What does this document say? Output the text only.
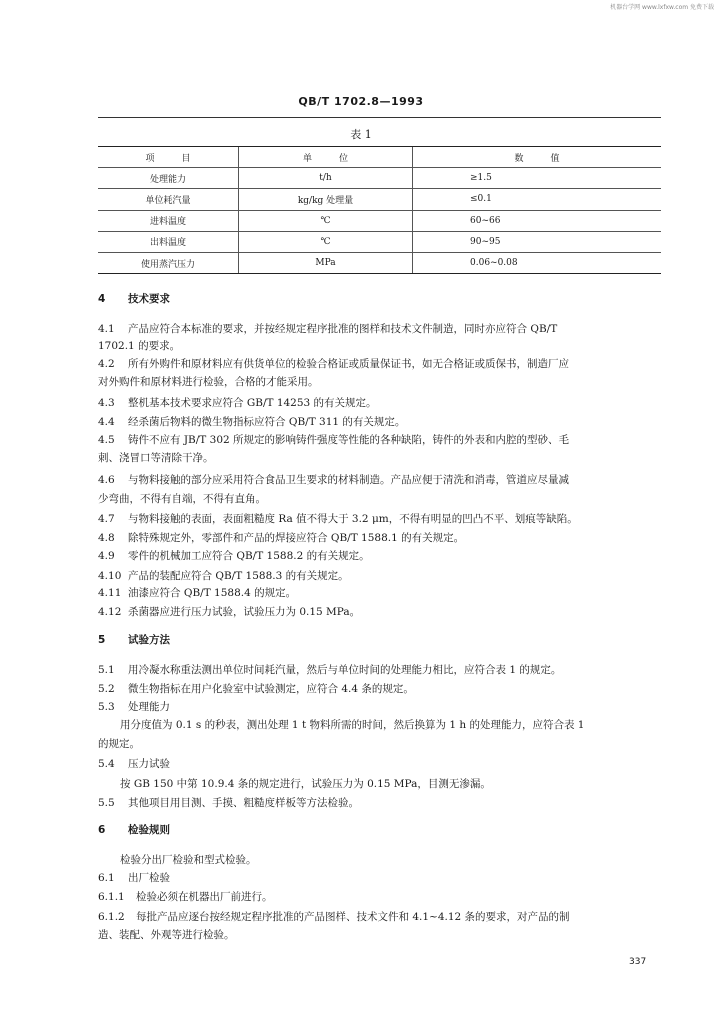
机器台学网 www.lxfxw.com 免费下载
QB/T 1702.8—1993
表 1
项　　　目	单　　　位	数　　　值
处理能力	t/h	≥1.5
单位耗汽量	kg/kg 处理量	≤0.1
进料温度	℃	60~66
出料温度	℃	90~95
使用蒸汽压力	MPa	0.06~0.08
4 技术要求
4.1 产品应符合本标准的要求，并按经规定程序批准的图样和技术文件制造，同时亦应符合 QB/T
1702.1 的要求。
4.2 所有外购件和原材料应有供货单位的检验合格证或质量保证书，如无合格证或质保书，制造厂应
对外购件和原材料进行检验，合格的才能采用。
4.3 整机基本技术要求应符合 GB/T 14253 的有关规定。
4.4 经杀菌后物料的微生物指标应符合 QB/T 311 的有关规定。
4.5 铸件不应有 JB/T 302 所规定的影响铸件强度等性能的各种缺陷，铸件的外表和内腔的型砂、毛
刺、浇冒口等清除干净。
4.6 与物料接触的部分应采用符合食品卫生要求的材料制造。产品应便于清洗和消毒，管道应尽量减
少弯曲，不得有自端，不得有直角。
4.7 与物料接触的表面，表面粗糙度 Ra 值不得大于 3.2 μm，不得有明显的凹凸不平、划痕等缺陷。
4.8 除特殊规定外，零部件和产品的焊接应符合 QB/T 1588.1 的有关规定。
4.9 零件的机械加工应符合 QB/T 1588.2 的有关规定。
4.10 产品的装配应符合 QB/T 1588.3 的有关规定。
4.11 油漆应符合 QB/T 1588.4 的规定。
4.12 杀菌器应进行压力试验，试验压力为 0.15 MPa。
5 试验方法
5.1 用冷凝水称重法测出单位时间耗汽量，然后与单位时间的处理能力相比，应符合表 1 的规定。
5.2 微生物指标在用户化验室中试验测定，应符合 4.4 条的规定。
5.3 处理能力
用分度值为 0.1 s 的秒表，测出处理 1 t 物料所需的时间，然后换算为 1 h 的处理能力，应符合表 1
的规定。
5.4 压力试验
按 GB 150 中第 10.9.4 条的规定进行，试验压力为 0.15 MPa，目测无渗漏。
5.5 其他项目用目测、手摸、粗糙度样板等方法检验。
6 检验规则
检验分出厂检验和型式检验。
6.1 出厂检验
6.1.1 检验必须在机器出厂前进行。
6.1.2 每批产品应逐台按经规定程序批准的产品图样、技术文件和 4.1~4.12 条的要求，对产品的制
造、装配、外观等进行检验。
337
